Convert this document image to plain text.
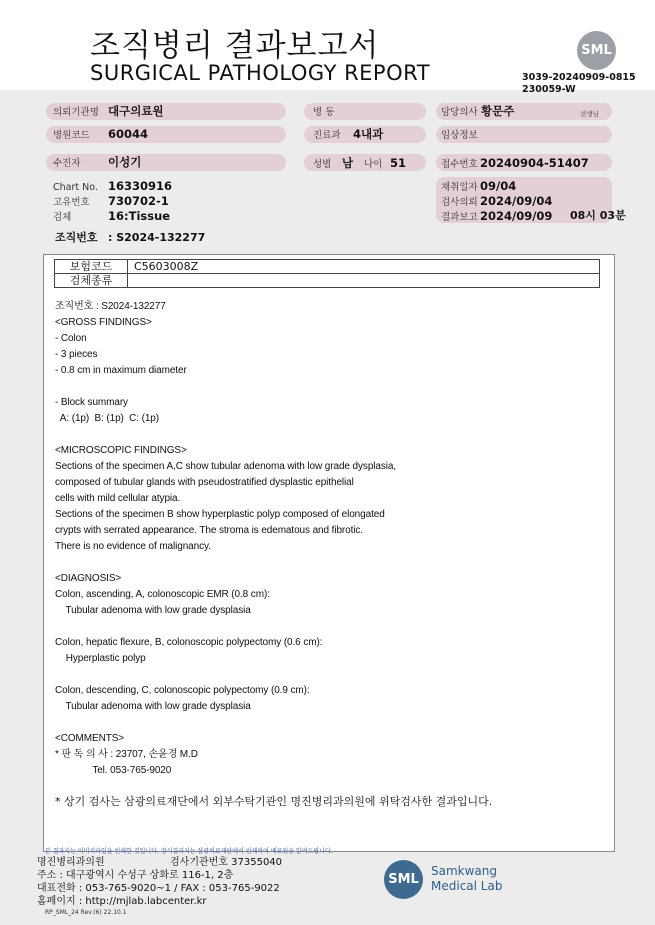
조직병리 결과보고서
SURGICAL PATHOLOGY REPORT
SML
3039-20240909-0815
230059-W
의뢰기관명 대구의료원	병 동	담당의사 황문주	선생님
병원코드 60044	진료과 4내과	임상정보
수진자 이성기	성별 남 나이 51	접수번호 20240904-51407
Chart No. 16330916
고유번호 730702-1
검체	16:Tissue
채취일자 09/04
검사의뢰 2024/09/04
결과보고 2024/09/09 08시 03분
조직번호 : S2024-132277
보험코드	C5603008Z
검체종류	
조직번호 : S2024-132277
<GROSS FINDINGS>
- Colon
- 3 pieces
- 0.8 cm in maximum diameter
- Block summary
A: (1p)  B: (1p)  C: (1p)
<MICROSCOPIC FINDINGS>
Sections of the specimen A,C show tubular adenoma with low grade dysplasia,
composed of tubular glands with pseudostratified dysplastic epithelial
cells with mild cellular atypia.
Sections of the specimen B show hyperplastic polyp composed of elongated
crypts with serrated appearance. The stroma is edematous and fibrotic.
There is no evidence of malignancy.
<DIAGNOSIS>
Colon, ascending, A, colonoscopic EMR (0.8 cm):
Tubular adenoma with low grade dysplasia
Colon, hepatic flexure, B, colonoscopic polypectomy (0.6 cm):
Hyperplastic polyp
Colon, descending, C, colonoscopic polypectomy (0.9 cm):
Tubular adenoma with low grade dysplasia
<COMMENTS>
* 판 독 의 사 : 23707, 손윤경 M.D
Tel. 053-765-9020
* 상기 검사는 삼광의료재단에서 외부수탁기관인 명진병리과의원에 위탁검사한 결과입니다.
본 결과지는 이미지파일을 인쇄한 것입니다. 정식결과지는 삼광의료재단에서 인쇄하여 배포됨을 알려드립니다.
명진병리과의원	검사기관번호 37355040
주소 : 대구광역시 수성구 상화로 116-1, 2층
대표전화 : 053-765-9020~1 / FAX : 053-765-9022
홈페이지 : http://mjlab.labcenter.kr
RP_SML_24 Rev.(6) 22.10.1
SML
Samkwang
Medical Lab
